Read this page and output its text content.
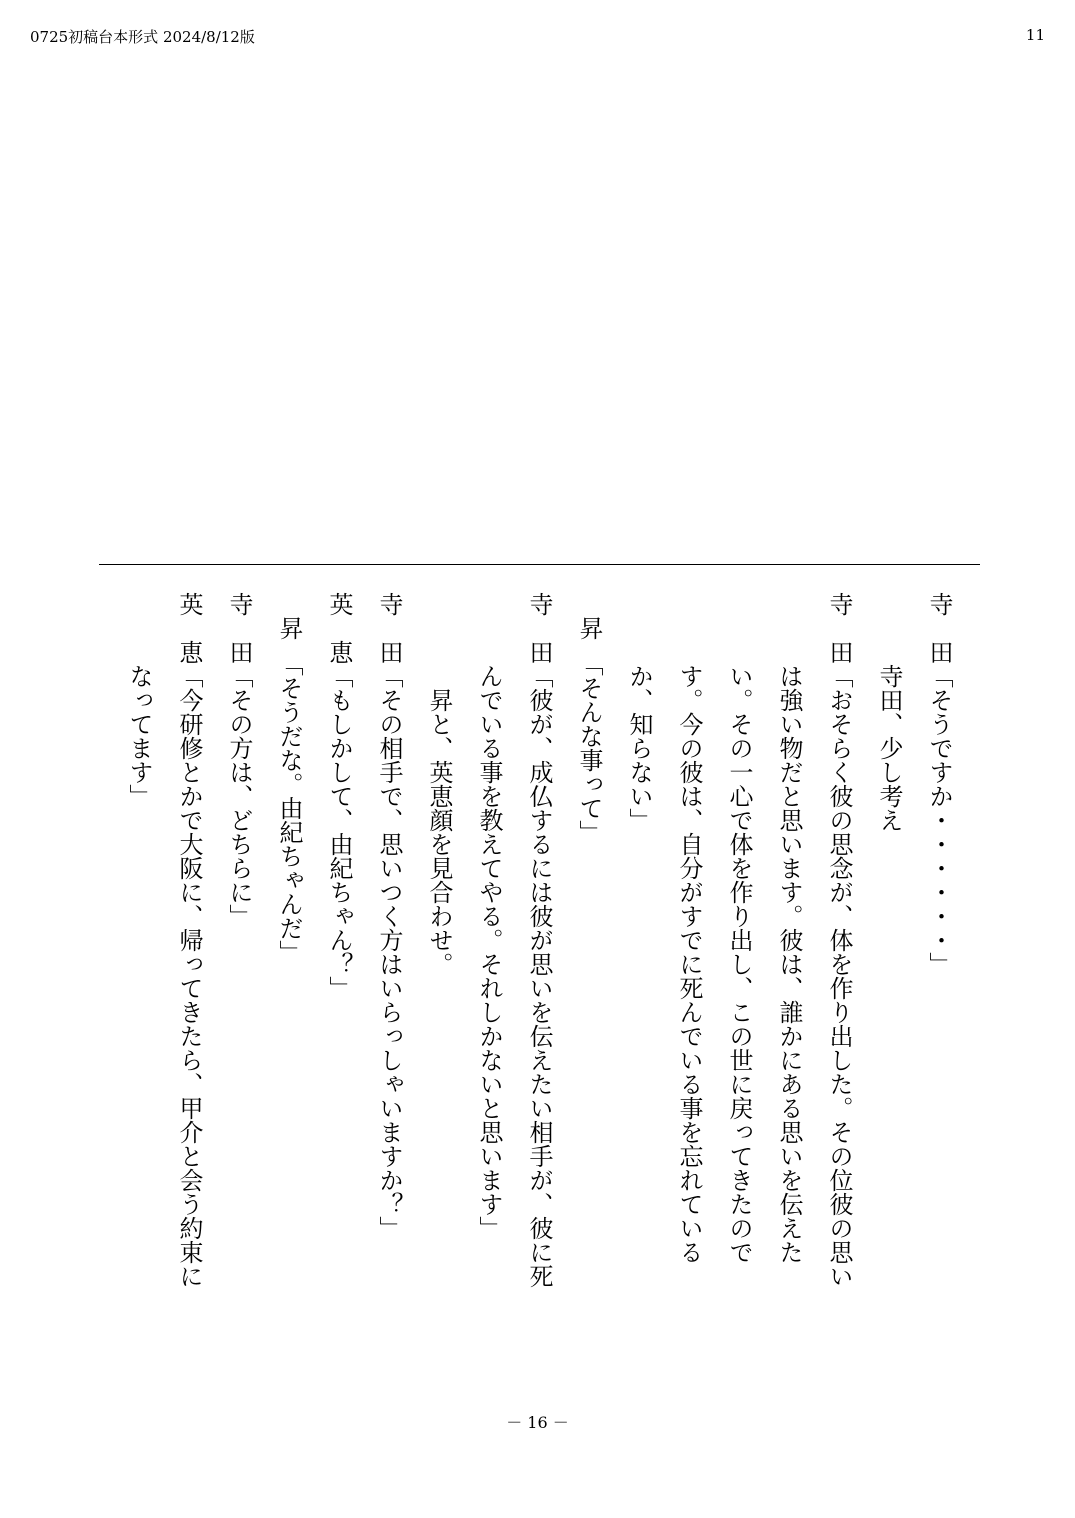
0725初稿台本形式 2024/8/12版	11
寺　田「そうですか・・・・・・」
　　　寺田、少し考え
寺　田「おそらく彼の思念が、体を作り出した。その位彼の思い
　　　は強い物だと思います。彼は、誰かにある思いを伝えた
　　　い。その一心で体を作り出し、この世に戻ってきたので
　　　す。今の彼は、自分がすでに死んでいる事を忘れている
　　　か、知らない」
　昇　「そんな事って」
寺　田「彼が、成仏するには彼が思いを伝えたい相手が、彼に死
　　　んでいる事を教えてやる。それしかないと思います」
　　　　昇と、英恵顔を見合わせ。
寺　田「その相手で、思いつく方はいらっしゃいますか？」
英　恵「もしかして、由紀ちゃん？」
　昇　「そうだな。由紀ちゃんだ」
寺　田「その方は、どちらに」
英　恵「今研修とかで大阪に、帰ってきたら、甲介と会う約束に
　　　なってます」
－ 16 －
